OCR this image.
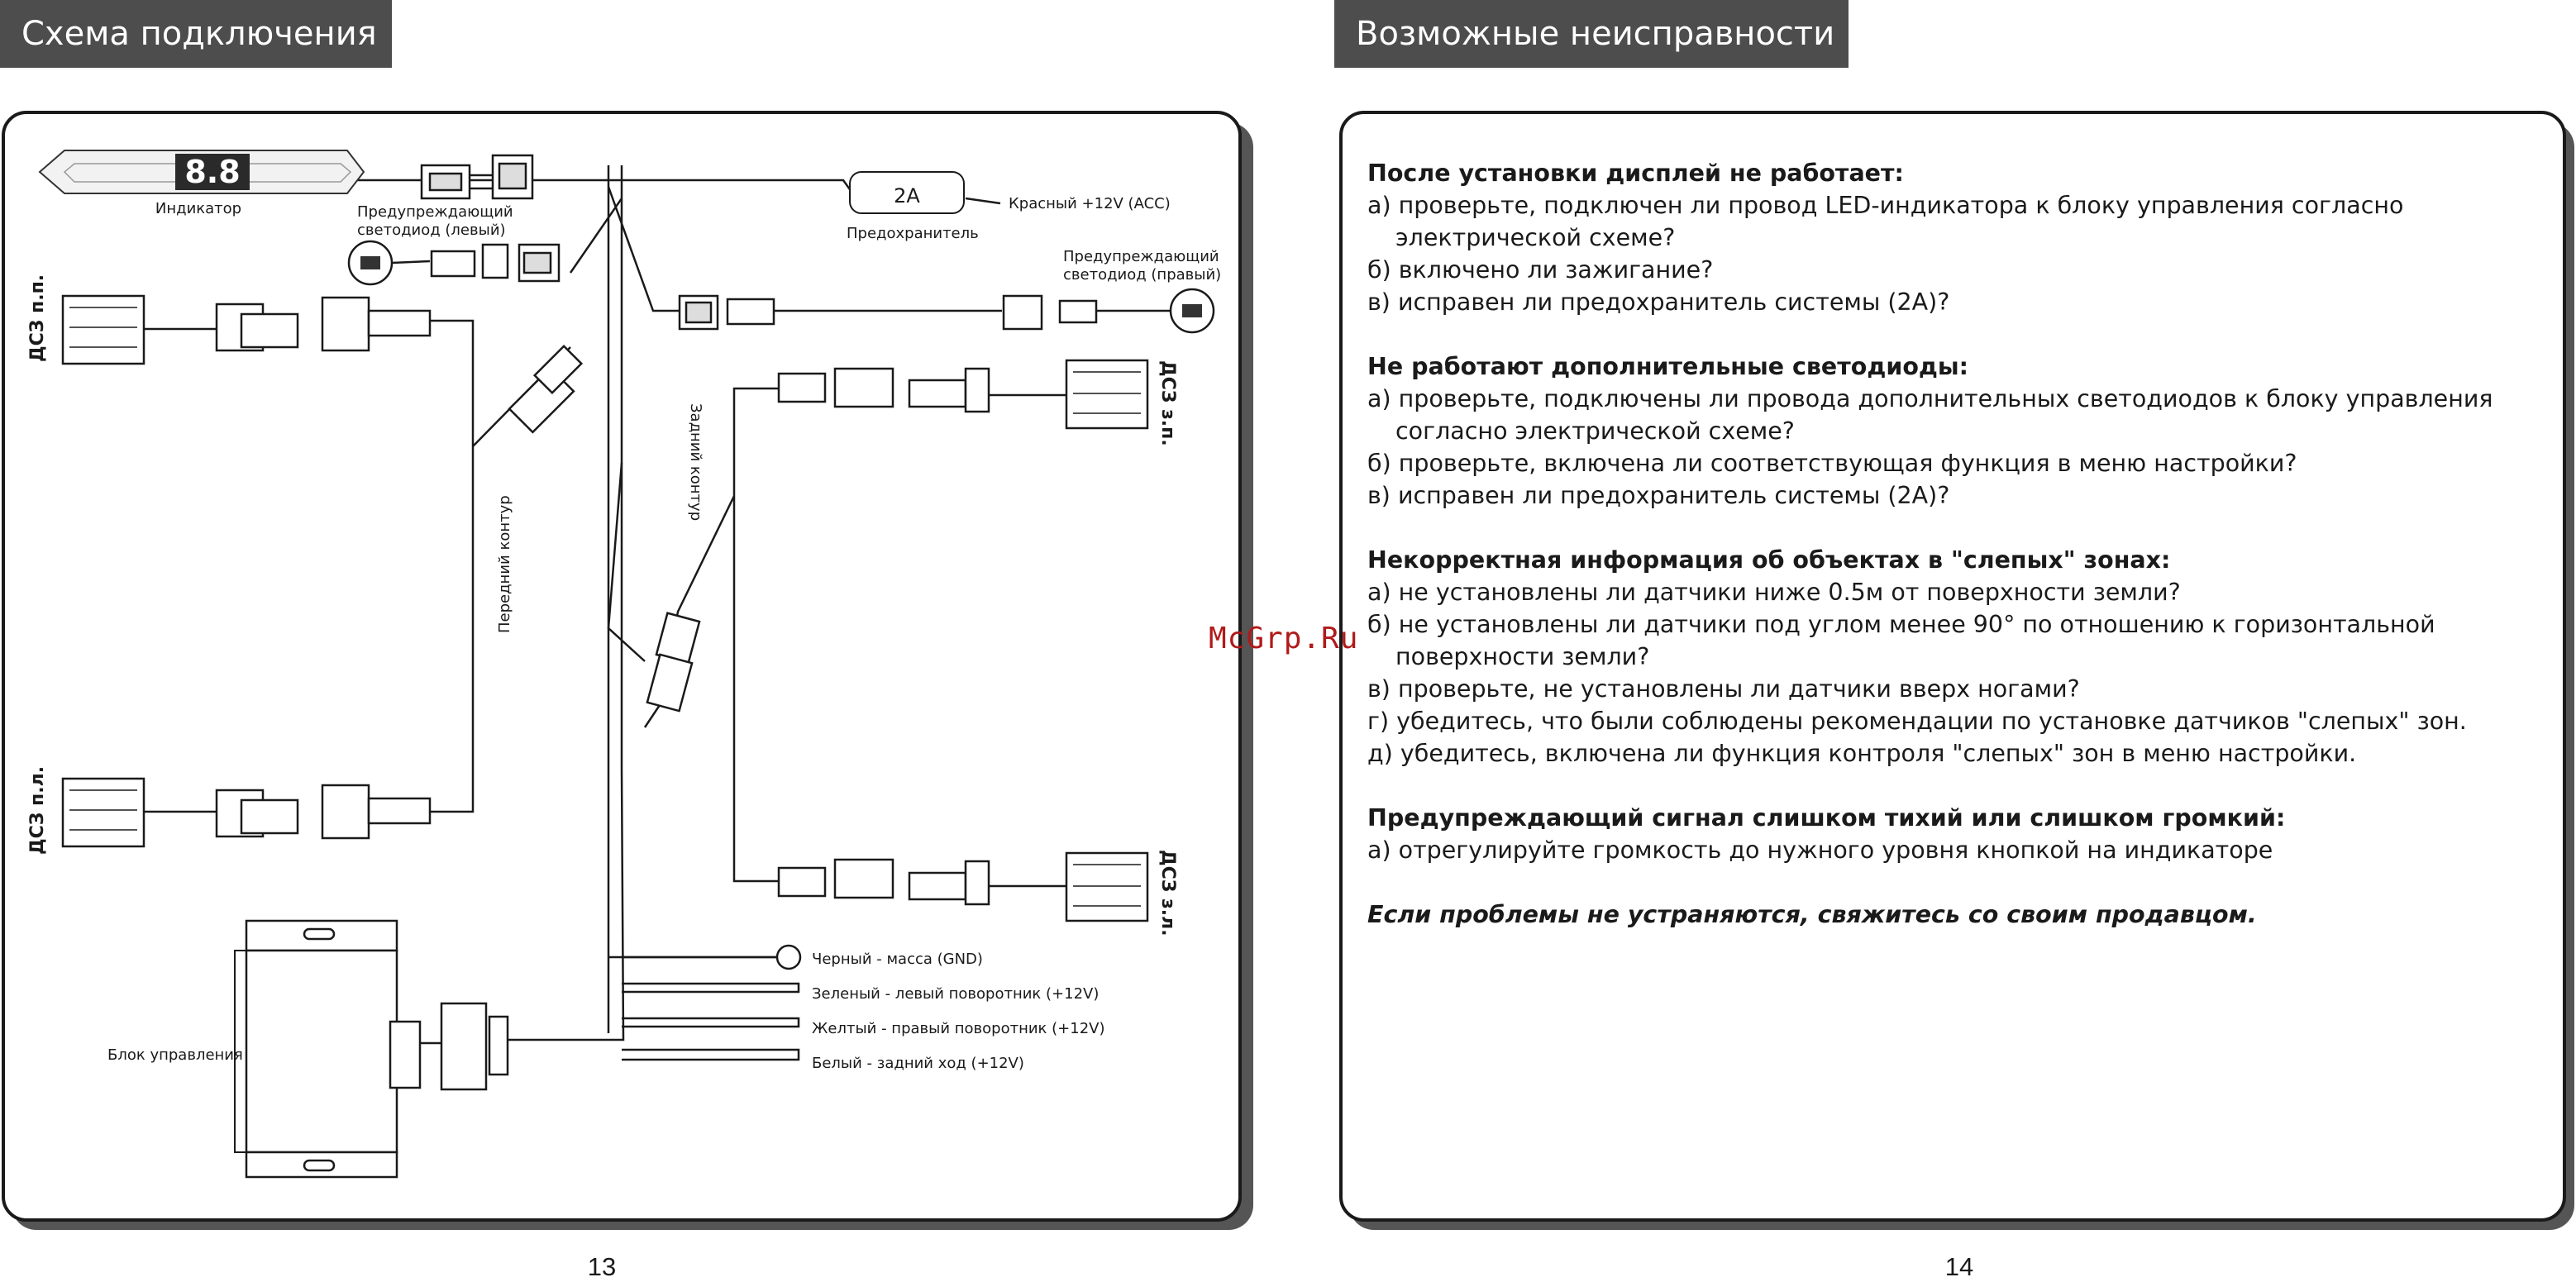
Схема подключения	Возможные неисправности
8.8
2A
Индикатор	Предупреждающий
светодиод (левый)	Предохранитель
Красный +12V (ACC)
Предупреждающий
светодиод (правый)
ДСЗ п.п.
ДСЗ п.л.
ДСЗ з.п.
ДСЗ з.л.
Передний контур
Задний контур
Блок управления
Черный - масса (GND)
Зеленый - левый поворотник (+12V)
Желтый - правый поворотник (+12V)
Белый - задний ход (+12V)

После установки дисплей не работает:

а) проверьте, подключен ли провод LED-индикатора к блоку управления согласно электрической схеме?

б) включено ли зажигание?

в) исправен ли предохранитель системы (2А)?

Не работают дополнительные светодиоды:

а) проверьте, подключены ли провода дополнительных светодиодов к блоку управления согласно электрической схеме?

б) проверьте, включена ли соответствующая функция в меню настройки?

в) исправен ли предохранитель системы (2А)?

Некорректная информация об объектах в "слепых" зонах:

а) не установлены ли датчики ниже 0.5м от поверхности земли?

б) не установлены ли датчики под углом менее 90° по отношению к горизонтальной поверхности земли?

в) проверьте, не установлены ли датчики вверх ногами?

г) убедитесь, что были соблюдены рекомендации по установке датчиков "слепых" зон.

д) убедитесь, включена ли функция контроля "слепых" зон в меню настройки.

Предупреждающий сигнал слишком тихий или слишком громкий:

а) отрегулируйте громкость до нужного уровня кнопкой на индикаторе

Если проблемы не устраняются, свяжитесь со своим продавцом.

McGrp.Ru
13	14
